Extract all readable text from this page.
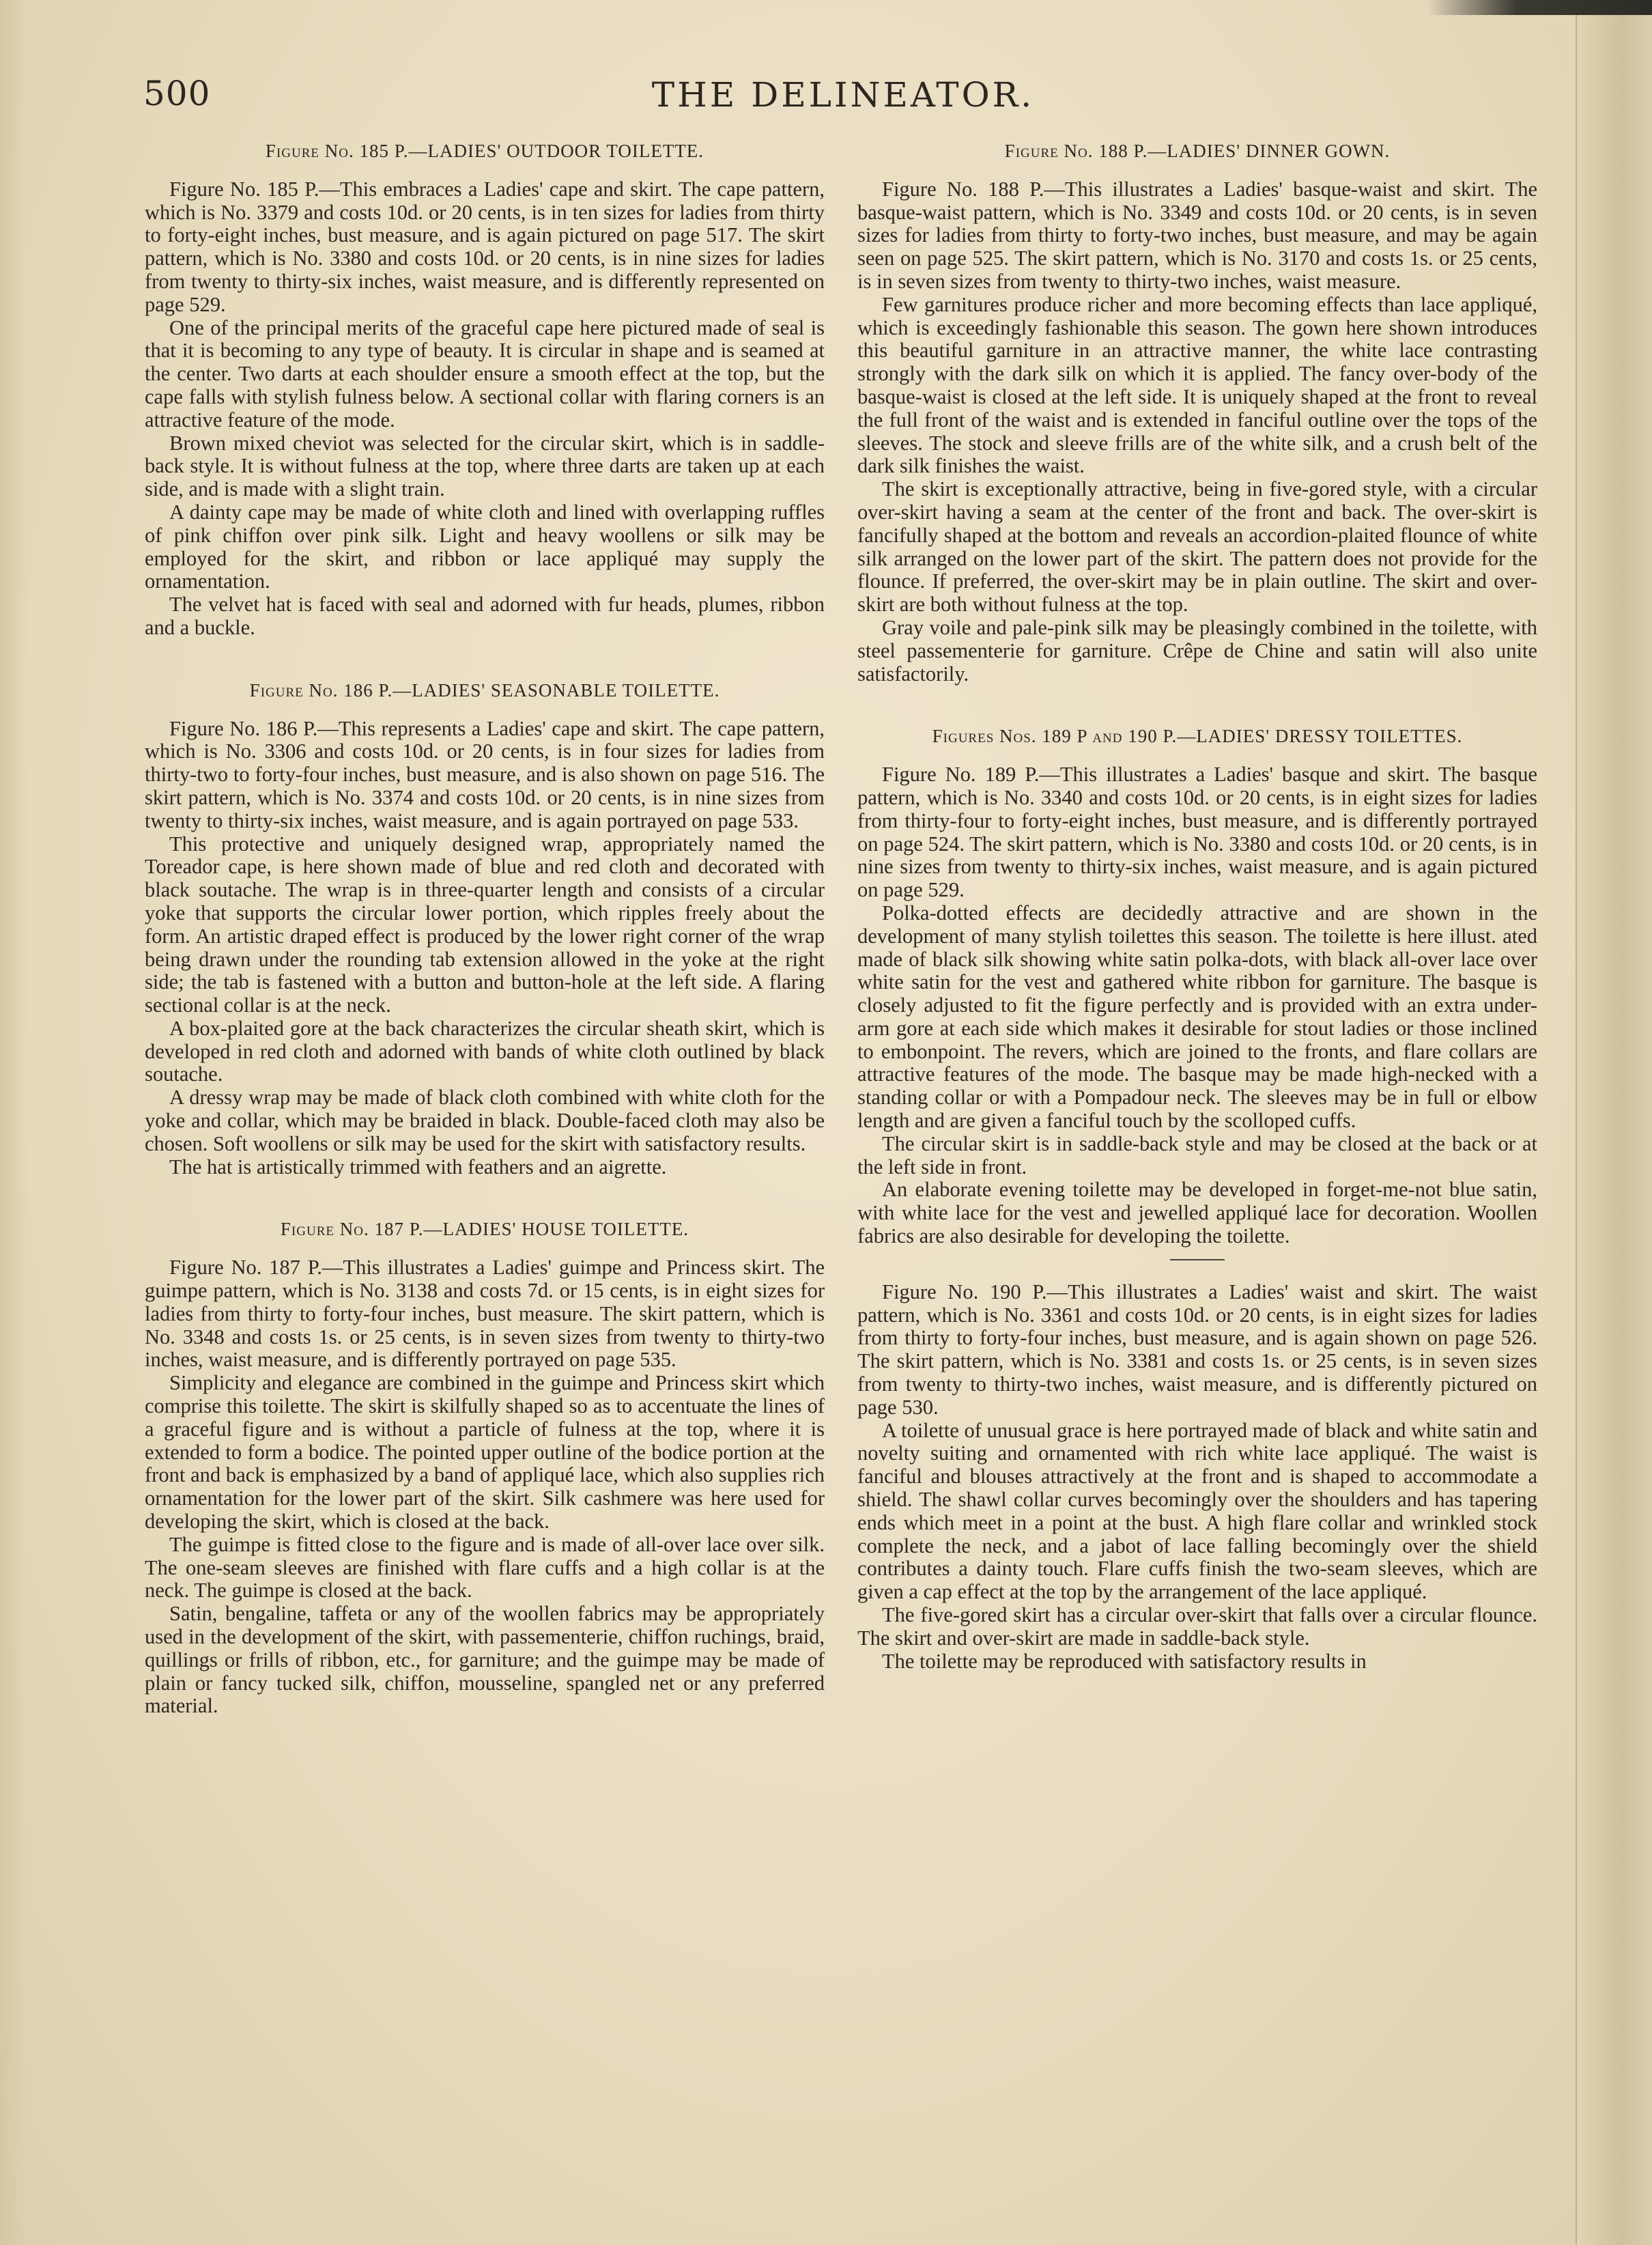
500	THE DELINEATOR.

Figure No. 185 P.—LADIES' OUTDOOR TOILETTE.

Figure No. 185 P.—This embraces a Ladies' cape and skirt. The cape pattern, which is No. 3379 and costs 10d. or 20 cents, is in ten sizes for ladies from thirty to forty-eight inches, bust measure, and is again pictured on page 517. The skirt pattern, which is No. 3380 and costs 10d. or 20 cents, is in nine sizes for ladies from twenty to thirty-six inches, waist measure, and is differently represented on page 529.

One of the principal merits of the graceful cape here pictured made of seal is that it is becoming to any type of beauty. It is circular in shape and is seamed at the center. Two darts at each shoulder ensure a smooth effect at the top, but the cape falls with stylish fulness below. A sectional collar with flaring corners is an attractive feature of the mode.

Brown mixed cheviot was selected for the circular skirt, which is in saddle-back style. It is without fulness at the top, where three darts are taken up at each side, and is made with a slight train.

A dainty cape may be made of white cloth and lined with overlapping ruffles of pink chiffon over pink silk. Light and heavy woollens or silk may be employed for the skirt, and ribbon or lace appliqué may supply the ornamentation.

The velvet hat is faced with seal and adorned with fur heads, plumes, ribbon and a buckle.

Figure No. 186 P.—LADIES' SEASONABLE TOILETTE.

Figure No. 186 P.—This represents a Ladies' cape and skirt. The cape pattern, which is No. 3306 and costs 10d. or 20 cents, is in four sizes for ladies from thirty-two to forty-four inches, bust measure, and is also shown on page 516. The skirt pattern, which is No. 3374 and costs 10d. or 20 cents, is in nine sizes from twenty to thirty-six inches, waist measure, and is again portrayed on page 533.

This protective and uniquely designed wrap, appropriately named the Toreador cape, is here shown made of blue and red cloth and decorated with black soutache. The wrap is in three-quarter length and consists of a circular yoke that supports the circular lower portion, which ripples freely about the form. An artistic draped effect is produced by the lower right corner of the wrap being drawn under the rounding tab extension allowed in the yoke at the right side; the tab is fastened with a button and button-hole at the left side. A flaring sectional collar is at the neck.

A box-plaited gore at the back characterizes the circular sheath skirt, which is developed in red cloth and adorned with bands of white cloth outlined by black soutache.

A dressy wrap may be made of black cloth combined with white cloth for the yoke and collar, which may be braided in black. Double-faced cloth may also be chosen. Soft woollens or silk may be used for the skirt with satisfactory results.

The hat is artistically trimmed with feathers and an aigrette.

Figure No. 187 P.—LADIES' HOUSE TOILETTE.

Figure No. 187 P.—This illustrates a Ladies' guimpe and Princess skirt. The guimpe pattern, which is No. 3138 and costs 7d. or 15 cents, is in eight sizes for ladies from thirty to forty-four inches, bust measure. The skirt pattern, which is No. 3348 and costs 1s. or 25 cents, is in seven sizes from twenty to thirty-two inches, waist measure, and is differently portrayed on page 535.

Simplicity and elegance are combined in the guimpe and Princess skirt which comprise this toilette. The skirt is skilfully shaped so as to accentuate the lines of a graceful figure and is without a particle of fulness at the top, where it is extended to form a bodice. The pointed upper outline of the bodice portion at the front and back is emphasized by a band of appliqué lace, which also supplies rich ornamentation for the lower part of the skirt. Silk cashmere was here used for developing the skirt, which is closed at the back.

The guimpe is fitted close to the figure and is made of all-over lace over silk. The one-seam sleeves are finished with flare cuffs and a high collar is at the neck. The guimpe is closed at the back.

Satin, bengaline, taffeta or any of the woollen fabrics may be appropriately used in the development of the skirt, with passementerie, chiffon ruchings, braid, quillings or frills of ribbon, etc., for garniture; and the guimpe may be made of plain or fancy tucked silk, chiffon, mousseline, spangled net or any preferred material.

Figure No. 188 P.—LADIES' DINNER GOWN.

Figure No. 188 P.—This illustrates a Ladies' basque-waist and skirt. The basque-waist pattern, which is No. 3349 and costs 10d. or 20 cents, is in seven sizes for ladies from thirty to forty-two inches, bust measure, and may be again seen on page 525. The skirt pattern, which is No. 3170 and costs 1s. or 25 cents, is in seven sizes from twenty to thirty-two inches, waist measure.

Few garnitures produce richer and more becoming effects than lace appliqué, which is exceedingly fashionable this season. The gown here shown introduces this beautiful garniture in an attractive manner, the white lace contrasting strongly with the dark silk on which it is applied. The fancy over-body of the basque-waist is closed at the left side. It is uniquely shaped at the front to reveal the full front of the waist and is extended in fanciful outline over the tops of the sleeves. The stock and sleeve frills are of the white silk, and a crush belt of the dark silk finishes the waist.

The skirt is exceptionally attractive, being in five-gored style, with a circular over-skirt having a seam at the center of the front and back. The over-skirt is fancifully shaped at the bottom and reveals an accordion-plaited flounce of white silk arranged on the lower part of the skirt. The pattern does not provide for the flounce. If preferred, the over-skirt may be in plain outline. The skirt and over-skirt are both without fulness at the top.

Gray voile and pale-pink silk may be pleasingly combined in the toilette, with steel passementerie for garniture. Crêpe de Chine and satin will also unite satisfactorily.

Figures Nos. 189 P and 190 P.—LADIES' DRESSY TOILETTES.

Figure No. 189 P.—This illustrates a Ladies' basque and skirt. The basque pattern, which is No. 3340 and costs 10d. or 20 cents, is in eight sizes for ladies from thirty-four to forty-eight inches, bust measure, and is differently portrayed on page 524. The skirt pattern, which is No. 3380 and costs 10d. or 20 cents, is in nine sizes from twenty to thirty-six inches, waist measure, and is again pictured on page 529.

Polka-dotted effects are decidedly attractive and are shown in the development of many stylish toilettes this season. The toilette is here illust. ated made of black silk showing white satin polka-dots, with black all-over lace over white satin for the vest and gathered white ribbon for garniture. The basque is closely adjusted to fit the figure perfectly and is provided with an extra under-arm gore at each side which makes it desirable for stout ladies or those inclined to embonpoint. The revers, which are joined to the fronts, and flare collars are attractive features of the mode. The basque may be made high-necked with a standing collar or with a Pompadour neck. The sleeves may be in full or elbow length and are given a fanciful touch by the scolloped cuffs.

The circular skirt is in saddle-back style and may be closed at the back or at the left side in front.

An elaborate evening toilette may be developed in forget-me-not blue satin, with white lace for the vest and jewelled appliqué lace for decoration. Woollen fabrics are also desirable for developing the toilette.

Figure No. 190 P.—This illustrates a Ladies' waist and skirt. The waist pattern, which is No. 3361 and costs 10d. or 20 cents, is in eight sizes for ladies from thirty to forty-four inches, bust measure, and is again shown on page 526. The skirt pattern, which is No. 3381 and costs 1s. or 25 cents, is in seven sizes from twenty to thirty-two inches, waist measure, and is differently pictured on page 530.

A toilette of unusual grace is here portrayed made of black and white satin and novelty suiting and ornamented with rich white lace appliqué. The waist is fanciful and blouses attractively at the front and is shaped to accommodate a shield. The shawl collar curves becomingly over the shoulders and has tapering ends which meet in a point at the bust. A high flare collar and wrinkled stock complete the neck, and a jabot of lace falling becomingly over the shield contributes a dainty touch. Flare cuffs finish the two-seam sleeves, which are given a cap effect at the top by the arrangement of the lace appliqué.

The five-gored skirt has a circular over-skirt that falls over a circular flounce. The skirt and over-skirt are made in saddle-back style.

The toilette may be reproduced with satisfactory results in
